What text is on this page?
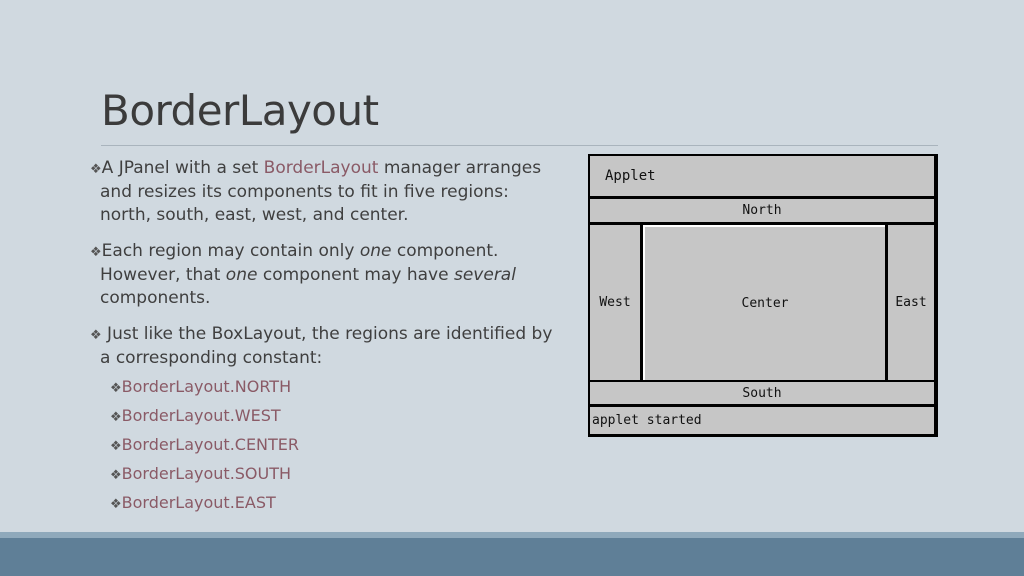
BorderLayout

❖A JPanel with a set BorderLayout manager arranges and resizes its components to fit in five regions: north, south, east, west, and center.

❖Each region may contain only one component. However, that one component may have several components.

❖ Just like the BoxLayout, the regions are identified by a corresponding constant:

❖BorderLayout.NORTH
❖BorderLayout.WEST
❖BorderLayout.CENTER
❖BorderLayout.SOUTH
❖BorderLayout.EAST
Applet
North
West	Center	East
South
applet started
